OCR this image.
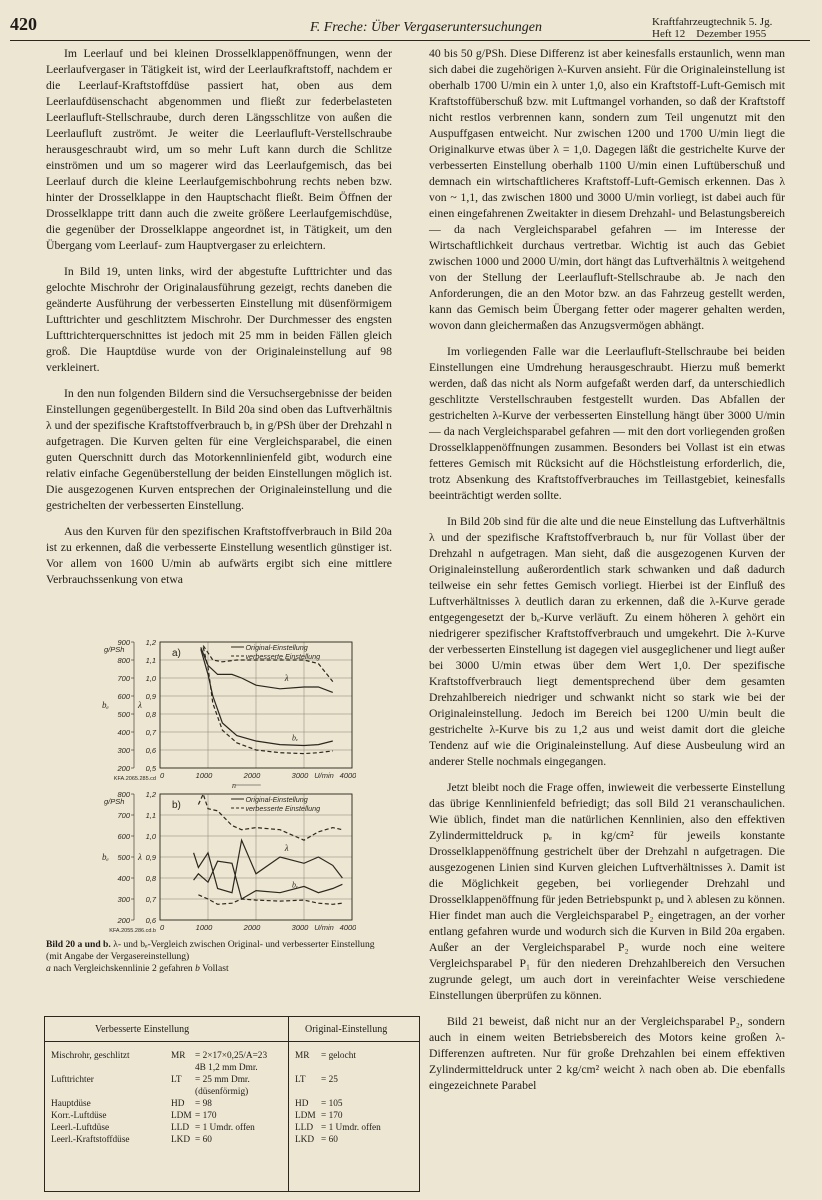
420	F. Freche: Über Vergaseruntersuchungen	Kraftfahrzeugtechnik 5. Jg.
Heft 12    Dezember 1955

Im Leerlauf und bei kleinen Drosselklappenöffnungen, wenn der Leerlaufvergaser in Tätigkeit ist, wird der Leerlaufkraftstoff, nachdem er die Leerlauf-Kraftstoffdüse passiert hat, oben aus dem Leerlaufdüsenschacht abgenommen und fließt zur federbelasteten Leerlaufluft-Stellschraube, durch deren Längsschlitze von außen die Leerlaufluft zuströmt. Je weiter die Leerlaufluft-Verstellschraube herausgeschraubt wird, um so mehr Luft kann durch die Schlitze einströmen und um so magerer wird das Leerlaufgemisch, das bei Leerlauf durch die kleine Leerlaufgemischbohrung rechts neben bzw. hinter der Drosselklappe in den Hauptschacht fließt. Beim Öffnen der Drosselklappe tritt dann auch die zweite größere Leerlaufgemischdüse, die gegenüber der Drosselklappe angeordnet ist, in Tätigkeit, um den Übergang vom Leerlauf- zum Hauptvergaser zu erleichtern.

In Bild 19, unten links, wird der abgestufte Lufttrichter und das gelochte Mischrohr der Originalausführung gezeigt, rechts daneben die geänderte Ausführung der verbesserten Einstellung mit düsenförmigem Lufttrichter und geschlitztem Mischrohr. Der Durchmesser des engsten Lufttrichterquerschnittes ist jedoch mit 25 mm in beiden Fällen gleich groß. Die Hauptdüse wurde von der Originaleinstellung auf 98 verkleinert.

In den nun folgenden Bildern sind die Versuchsergebnisse der beiden Einstellungen gegenübergestellt. In Bild 20a sind oben das Luftverhältnis λ und der spezifische Kraftstoffverbrauch bₑ in g/PSh über der Drehzahl n aufgetragen. Die Kurven gelten für eine Vergleichsparabel, die einen guten Querschnitt durch das Motorkennlinienfeld gibt, wodurch eine relativ einfache Gegenüberstellung der beiden Einstellungen möglich ist. Die ausgezogenen Kurven entsprechen der Originaleinstellung und die gestrichelten der verbesserten Einstellung.

Aus den Kurven für den spezifischen Kraftstoffverbrauch in Bild 20a ist zu erkennen, daß die verbesserte Einstellung wesentlich günstiger ist. Vor allem von 1600 U/min ab aufwärts ergibt sich eine mittlere Verbrauchssenkung von etwa

0,5
0,6
0,7
0,8
0,9
1,0
1,1
1,2
200
300
400
500
600
700
800
900
g/PSh
bₑ	λ
0	1000	2000	4000
3000 U/min
n
KFA.2065.285.cd
a)
Original-Einstellung
verbesserte Einstellung
λ
bₑ
0,6
0,7
0,8
0,9
1,0
1,1
1,2
200
300
400
500
600
700
800
g/PSh
bₑ	λ
0	1000	2000	4000
3000 U/min
KFA.2055.286.cd.b
b)
Original-Einstellung
verbesserte Einstellung
λ
bₑ
Bild 20 a und b. λ- und bₑ-Vergleich zwischen Original- und verbesserter Einstellung (mit Angabe der Vergasereinstellung)
a nach Vergleichskennlinie 2 gefahren b Vollast
Verbesserte Einstellung	Original-Einstellung
Mischrohr, geschlitzt	MR = 2×17×0,25/A=23	MR = gelocht
4B 1,2 mm Dmr.
Lufttrichter	LT = 25 mm Dmr.	LT = 25
(düsenförmig)
Hauptdüse	HD = 98	HD = 105
Korr.-Luftdüse	LDM = 170	LDM = 170
Leerl.-Luftdüse	LLD = 1 Umdr. offen	LLD = 1 Umdr. offen
Leerl.-Kraftstoffdüse	LKD = 60	LKD = 60

40 bis 50 g/PSh. Diese Differenz ist aber keinesfalls erstaunlich, wenn man sich dabei die zugehörigen λ-Kurven ansieht. Für die Originaleinstellung ist oberhalb 1700 U/min ein λ unter 1,0, also ein Kraftstoff-Luft-Gemisch mit Kraftstoffüberschuß bzw. mit Luftmangel vorhanden, so daß der Kraftstoff nicht restlos verbrennen kann, sondern zum Teil ungenutzt mit den Auspuffgasen entweicht. Nur zwischen 1200 und 1700 U/min liegt die Originalkurve etwas über λ = 1,0. Dagegen läßt die gestrichelte Kurve der verbesserten Einstellung oberhalb 1100 U/min einen Luftüberschuß und demnach ein wirtschaftlicheres Kraftstoff-Luft-Gemisch erkennen. Das λ von ~ 1,1, das zwischen 1800 und 3000 U/min vorliegt, ist dabei auch für einen eingefahrenen Zweitakter in diesem Drehzahl- und Belastungsbereich — da nach Vergleichsparabel gefahren — im Interesse der Wirtschaftlichkeit durchaus vertretbar. Wichtig ist auch das Gebiet zwischen 1000 und 2000 U/min, dort hängt das Luftverhältnis λ weitgehend von der Stellung der Leerlaufluft-Stellschraube ab. Je nach den Anforderungen, die an den Motor bzw. an das Fahrzeug gestellt werden, kann das Gemisch beim Übergang fetter oder magerer gehalten werden, wovon dann gleichermaßen das Anzugsvermögen abhängt.

Im vorliegenden Falle war die Leerlaufluft-Stellschraube bei beiden Einstellungen eine Umdrehung herausgeschraubt. Hierzu muß bemerkt werden, daß das nicht als Norm aufgefaßt werden darf, da unterschiedlich geschlitzte Verstellschrauben festgestellt wurden. Das Abfallen der gestrichelten λ-Kurve der verbesserten Einstellung hängt über 3000 U/min — da nach Vergleichsparabel gefahren — mit den dort vorliegenden großen Drosselklappenöffnungen zusammen. Besonders bei Vollast ist ein etwas fetteres Gemisch mit Rücksicht auf die Höchstleistung erforderlich, die, trotz Absenkung des Kraftstoffverbrauches im Teillastgebiet, keinesfalls beeinträchtigt werden sollte.

In Bild 20b sind für die alte und die neue Einstellung das Luftverhältnis λ und der spezifische Kraftstoffverbrauch bₑ nur für Vollast über der Drehzahl n aufgetragen. Man sieht, daß die ausgezogenen Kurven der Originaleinstellung außerordentlich stark schwanken und daß dadurch teilweise ein sehr fettes Gemisch vorliegt. Hierbei ist der Einfluß des Luftverhältnisses λ deutlich daran zu erkennen, daß die λ-Kurve gerade entgegengesetzt der bₑ-Kurve verläuft. Zu einem höheren λ gehört ein niedrigerer spezifischer Kraftstoffverbrauch und umgekehrt. Die λ-Kurve der verbesserten Einstellung ist dagegen viel ausgeglichener und liegt außer bei 3000 U/min etwas über dem Wert 1,0. Der spezifische Kraftstoffverbrauch liegt dementsprechend über dem gesamten Drehzahlbereich niedriger und schwankt nicht so stark wie bei der Originaleinstellung. Jedoch im Bereich bei 1200 U/min beult die gestrichelte λ-Kurve bis zu 1,2 aus und weist damit dort die gleiche Tendenz auf wie die Originaleinstellung. Auf diese Ausbeulung wird an anderer Stelle nochmals eingegangen.

Jetzt bleibt noch die Frage offen, inwieweit die verbesserte Einstellung das übrige Kennlinienfeld befriedigt; das soll Bild 21 veranschaulichen. Wie üblich, findet man die natürlichen Kennlinien, also den effektiven Zylindermitteldruck pₑ in kg/cm² für jeweils konstante Drosselklappenöffnung gestrichelt über der Drehzahl n aufgetragen. Die ausgezogenen Linien sind Kurven gleichen Luftverhältnisses λ. Damit ist die Möglichkeit gegeben, bei vorliegender Drehzahl und Drosselklappenöffnung für jeden Betriebspunkt pₑ und λ ablesen zu können. Hier findet man auch die Vergleichsparabel P₂ eingetragen, an der vorher entlang gefahren wurde und wodurch sich die Kurven in Bild 20a ergaben. Außer an der Vergleichsparabel P₂ wurde noch eine weitere Vergleichsparabel P₁ für den niederen Drehzahlbereich den Versuchen zugrunde gelegt, um auch dort in vereinfachter Weise verschiedene Einstellungen überprüfen zu können.

Bild 21 beweist, daß nicht nur an der Vergleichsparabel P₂, sondern auch in einem weiten Betriebsbereich des Motors keine großen λ-Differenzen auftreten. Nur für große Drehzahlen bei einem effektiven Zylindermitteldruck unter 2 kg/cm² weicht λ nach oben ab. Die ebenfalls eingezeichnete Parabel
